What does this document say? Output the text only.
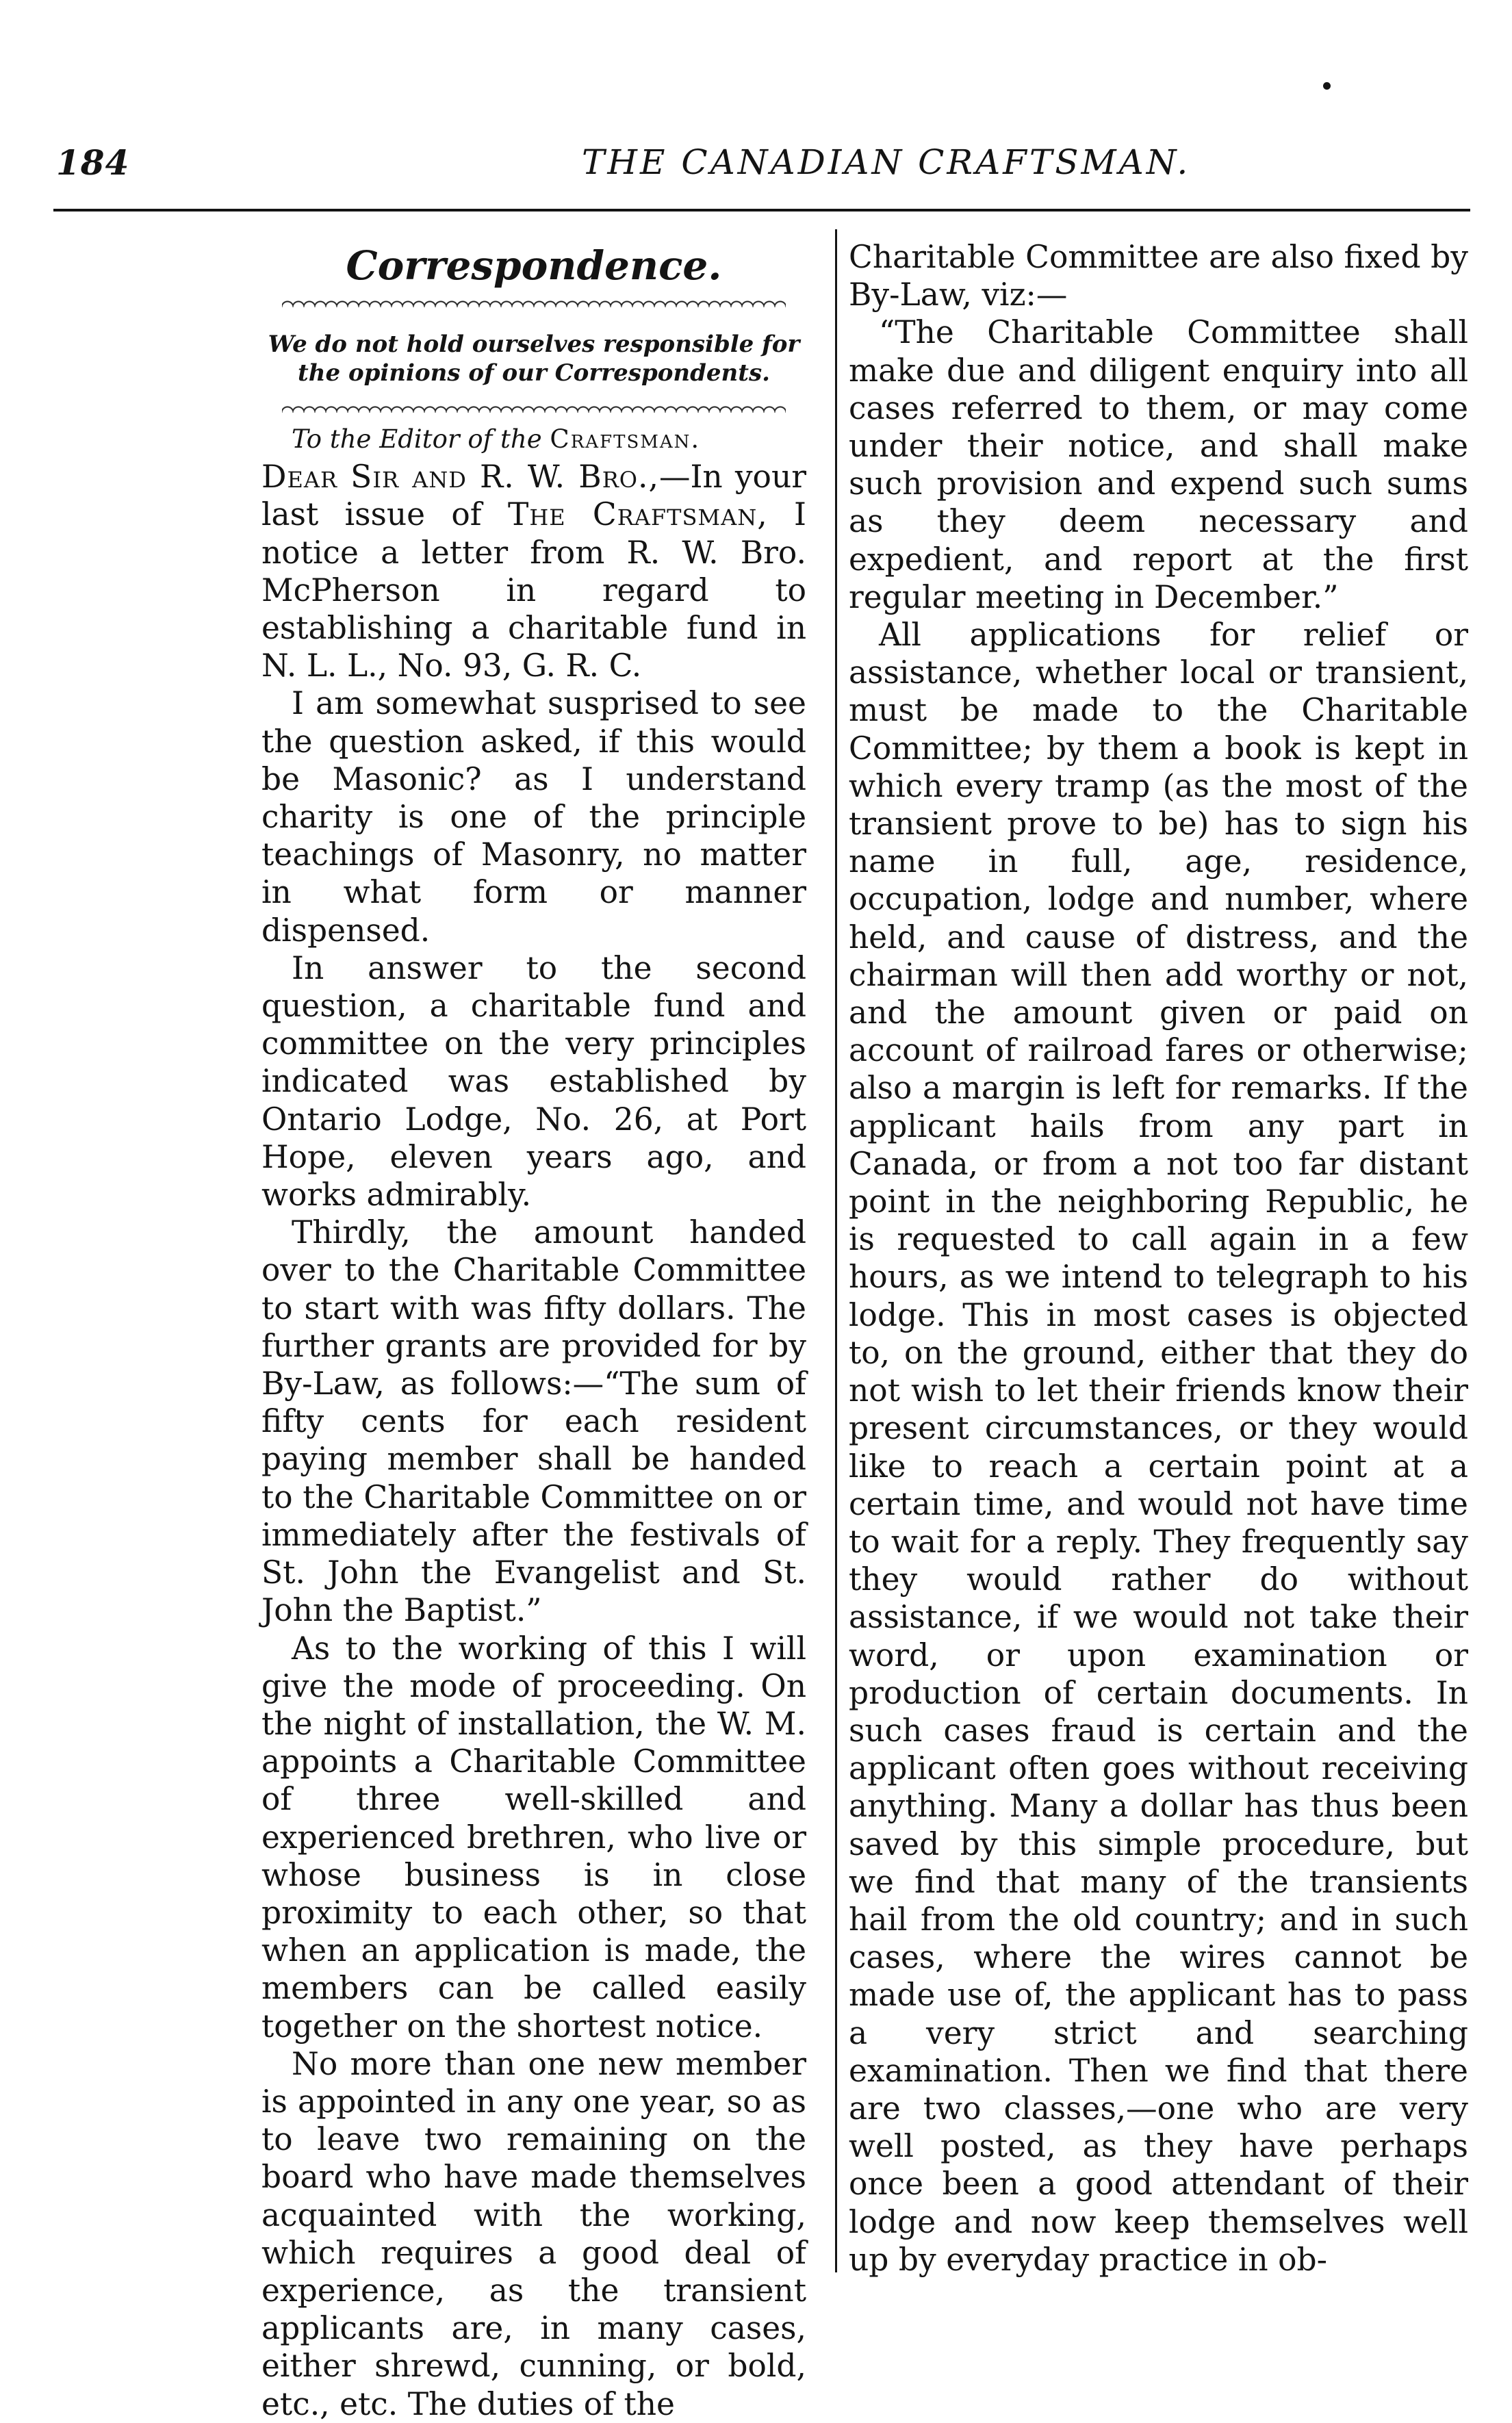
184	THE CANADIAN CRAFTSMAN.
Correspondence.
We do not hold ourselves responsible for the opinions of our Correspondents.

To the Editor of the Craftsman.

Dear Sir and R. W. Bro.,—In your last issue of The Craftsman, I notice a letter from R. W. Bro. McPherson in regard to establishing a charitable fund in N. L. L., No. 93, G. R. C.

I am somewhat susprised to see the question asked, if this would be Masonic? as I understand charity is one of the principle teachings of Masonry, no matter in what form or manner dispensed.

In answer to the second question, a charitable fund and committee on the very principles indicated was established by Ontario Lodge, No. 26, at Port Hope, eleven years ago, and works admirably.

Thirdly, the amount handed over to the Charitable Committee to start with was fifty dollars. The further grants are provided for by By-Law, as follows:—“The sum of fifty cents for each resident paying member shall be handed to the Charitable Committee on or immediately after the festivals of St. John the Evangelist and St. John the Baptist.”

As to the working of this I will give the mode of proceeding. On the night of installation, the W. M. appoints a Charitable Committee of three well-skilled and experienced brethren, who live or whose business is in close proximity to each other, so that when an application is made, the members can be called easily together on the shortest notice.

No more than one new member is appointed in any one year, so as to leave two remaining on the board who have made themselves acquainted with the working, which requires a good deal of experience, as the transient applicants are, in many cases, either shrewd, cunning, or bold, etc., etc. The duties of the

Charitable Committee are also fixed by By-Law, viz:—

“The Charitable Committee shall make due and diligent enquiry into all cases referred to them, or may come under their notice, and shall make such provision and expend such sums as they deem necessary and expedient, and report at the first regular meeting in December.”

All applications for relief or assistance, whether local or transient, must be made to the Charitable Committee; by them a book is kept in which every tramp (as the most of the transient prove to be) has to sign his name in full, age, residence, occupation, lodge and number, where held, and cause of distress, and the chairman will then add worthy or not, and the amount given or paid on account of railroad fares or otherwise; also a margin is left for remarks. If the applicant hails from any part in Canada, or from a not too far distant point in the neighboring Republic, he is requested to call again in a few hours, as we intend to telegraph to his lodge. This in most cases is objected to, on the ground, either that they do not wish to let their friends know their present circumstances, or they would like to reach a certain point at a certain time, and would not have time to wait for a reply. They frequently say they would rather do without assistance, if we would not take their word, or upon examination or production of certain documents. In such cases fraud is certain and the applicant often goes without receiving anything. Many a dollar has thus been saved by this simple procedure, but we find that many of the transients hail from the old country; and in such cases, where the wires cannot be made use of, the applicant has to pass a very strict and searching examination. Then we find that there are two classes,—one who are very well posted, as they have perhaps once been a good attendant of their lodge and now keep themselves well up by everyday practice in ob-
